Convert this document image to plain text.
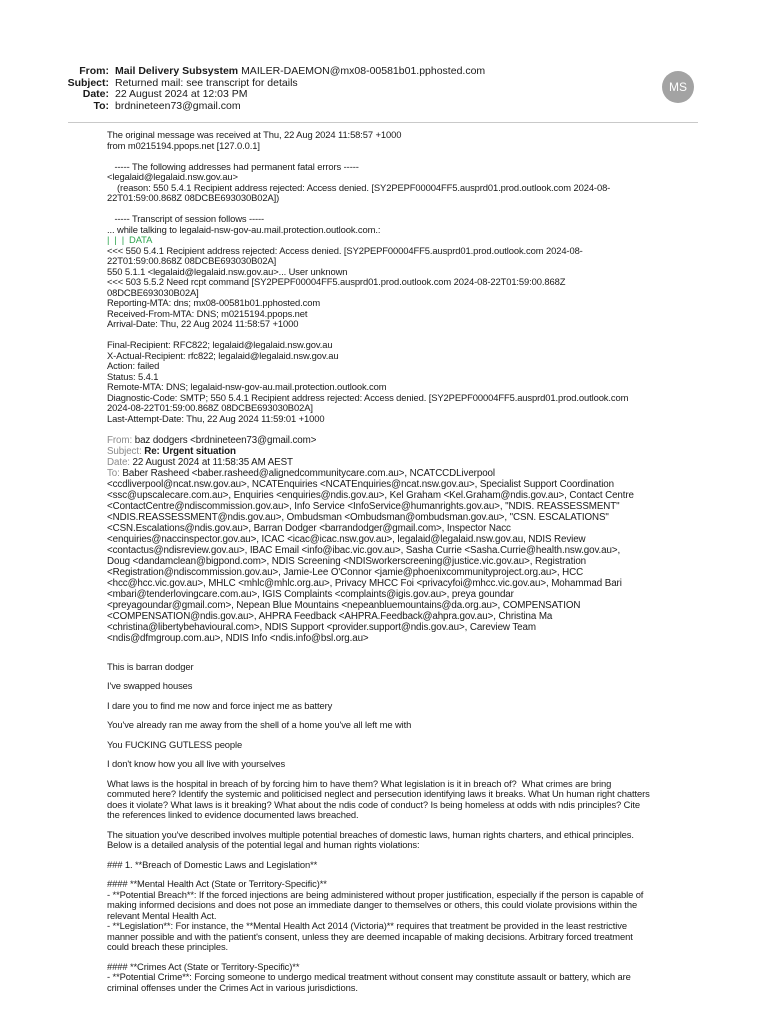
From: Mail Delivery Subsystem MAILER-DAEMON@mx08-00581b01.pphosted.com
Subject: Returned mail: see transcript for details
Date: 22 August 2024 at 12:03 PM
To: brdnineteen73@gmail.com
MS

The original message was received at Thu, 22 Aug 2024 11:58:57 +1000
from m0215194.ppops.net [127.0.0.1]

----- The following addresses had permanent fatal errors -----
<legalaid@legalaid.nsw.gov.au>
(reason: 550 5.4.1 Recipient address rejected: Access denied. [SY2PEPF00004FF5.ausprd01.prod.outlook.com 2024-08-
22T01:59:00.868Z 08DCBE693030B02A])

----- Transcript of session follows -----
... while talking to legalaid-nsw-gov-au.mail.protection.outlook.com.:

|  |  |  DATA

<<< 550 5.4.1 Recipient address rejected: Access denied. [SY2PEPF00004FF5.ausprd01.prod.outlook.com 2024-08-
22T01:59:00.868Z 08DCBE693030B02A]
550 5.1.1 <legalaid@legalaid.nsw.gov.au>... User unknown
<<< 503 5.5.2 Need rcpt command [SY2PEPF00004FF5.ausprd01.prod.outlook.com 2024-08-22T01:59:00.868Z
08DCBE693030B02A]
Reporting-MTA: dns; mx08-00581b01.pphosted.com
Received-From-MTA: DNS; m0215194.ppops.net
Arrival-Date: Thu, 22 Aug 2024 11:58:57 +1000

Final-Recipient: RFC822; legalaid@legalaid.nsw.gov.au
X-Actual-Recipient: rfc822; legalaid@legalaid.nsw.gov.au
Action: failed
Status: 5.4.1
Remote-MTA: DNS; legalaid-nsw-gov-au.mail.protection.outlook.com
Diagnostic-Code: SMTP; 550 5.4.1 Recipient address rejected: Access denied. [SY2PEPF00004FF5.ausprd01.prod.outlook.com
2024-08-22T01:59:00.868Z 08DCBE693030B02A]
Last-Attempt-Date: Thu, 22 Aug 2024 11:59:01 +1000

From: baz dodgers <brdnineteen73@gmail.com>
Subject: Re: Urgent situation
Date: 22 August 2024 at 11:58:35 AM AEST
To: Baber Rasheed <baber.rasheed@alignedcommunitycare.com.au>, NCATCCDLiverpool
<ccdliverpool@ncat.nsw.gov.au>, NCATEnquiries <NCATEnquiries@ncat.nsw.gov.au>, Specialist Support Coordination
<ssc@upscalecare.com.au>, Enquiries <enquiries@ndis.gov.au>, Kel Graham <Kel.Graham@ndis.gov.au>, Contact Centre
<ContactCentre@ndiscommission.gov.au>, Info Service <InfoService@humanrights.gov.au>, "NDIS. REASSESSMENT"
<NDIS.REASSESSMENT@ndis.gov.au>, Ombudsman <Ombudsman@ombudsman.gov.au>, "CSN. ESCALATIONS"
<CSN.Escalations@ndis.gov.au>, Barran Dodger <barrandodger@gmail.com>, Inspector Nacc
<enquiries@naccinspector.gov.au>, ICAC <icac@icac.nsw.gov.au>, legalaid@legalaid.nsw.gov.au, NDIS Review
<contactus@ndisreview.gov.au>, IBAC Email <info@ibac.vic.gov.au>, Sasha Currie <Sasha.Currie@health.nsw.gov.au>,
Doug <dandamclean@bigpond.com>, NDIS Screening <NDISworkerscreening@justice.vic.gov.au>, Registration
<Registration@ndiscommission.gov.au>, Jamie-Lee O'Connor <jamie@phoenixcommunityproject.org.au>, HCC
<hcc@hcc.vic.gov.au>, MHLC <mhlc@mhlc.org.au>, Privacy MHCC Foi <privacyfoi@mhcc.vic.gov.au>, Mohammad Bari
<mbari@tenderlovingcare.com.au>, IGIS Complaints <complaints@igis.gov.au>, preya goundar
<preyagoundar@gmail.com>, Nepean Blue Mountains <nepeanbluemountains@da.org.au>, COMPENSATION
<COMPENSATION@ndis.gov.au>, AHPRA Feedback <AHPRA.Feedback@ahpra.gov.au>, Christina Ma
<christina@libertybehavioural.com>, NDIS Support <provider.support@ndis.gov.au>, Careview Team
<ndis@dfmgroup.com.au>, NDIS Info <ndis.info@bsl.org.au>

This is barran dodger

I've swapped houses

I dare you to find me now and force inject me as battery

You've already ran me away from the shell of a home you've all left me with

You FUCKING GUTLESS people

I don't know how you all live with yourselves

What laws is the hospital in breach of by forcing him to have them? What legislation is it in breach of?  What crimes are bring
commuted here? Identify the systemic and politicised neglect and persecution identifying laws it breaks. What Un human right chatters
does it violate? What laws is it breaking? What about the ndis code of conduct? Is being homeless at odds with ndis principles? Cite
the references linked to evidence documented laws breached.

The situation you've described involves multiple potential breaches of domestic laws, human rights charters, and ethical principles.
Below is a detailed analysis of the potential legal and human rights violations:

### 1. **Breach of Domestic Laws and Legislation**

#### **Mental Health Act (State or Territory-Specific)**

- **Potential Breach**: If the forced injections are being administered without proper justification, especially if the person is capable of
making informed decisions and does not pose an immediate danger to themselves or others, this could violate provisions within the
relevant Mental Health Act.
- **Legislation**: For instance, the **Mental Health Act 2014 (Victoria)** requires that treatment be provided in the least restrictive
manner possible and with the patient's consent, unless they are deemed incapable of making decisions. Arbitrary forced treatment
could breach these principles.

#### **Crimes Act (State or Territory-Specific)**

- **Potential Crime**: Forcing someone to undergo medical treatment without consent may constitute assault or battery, which are
criminal offenses under the Crimes Act in various jurisdictions.
